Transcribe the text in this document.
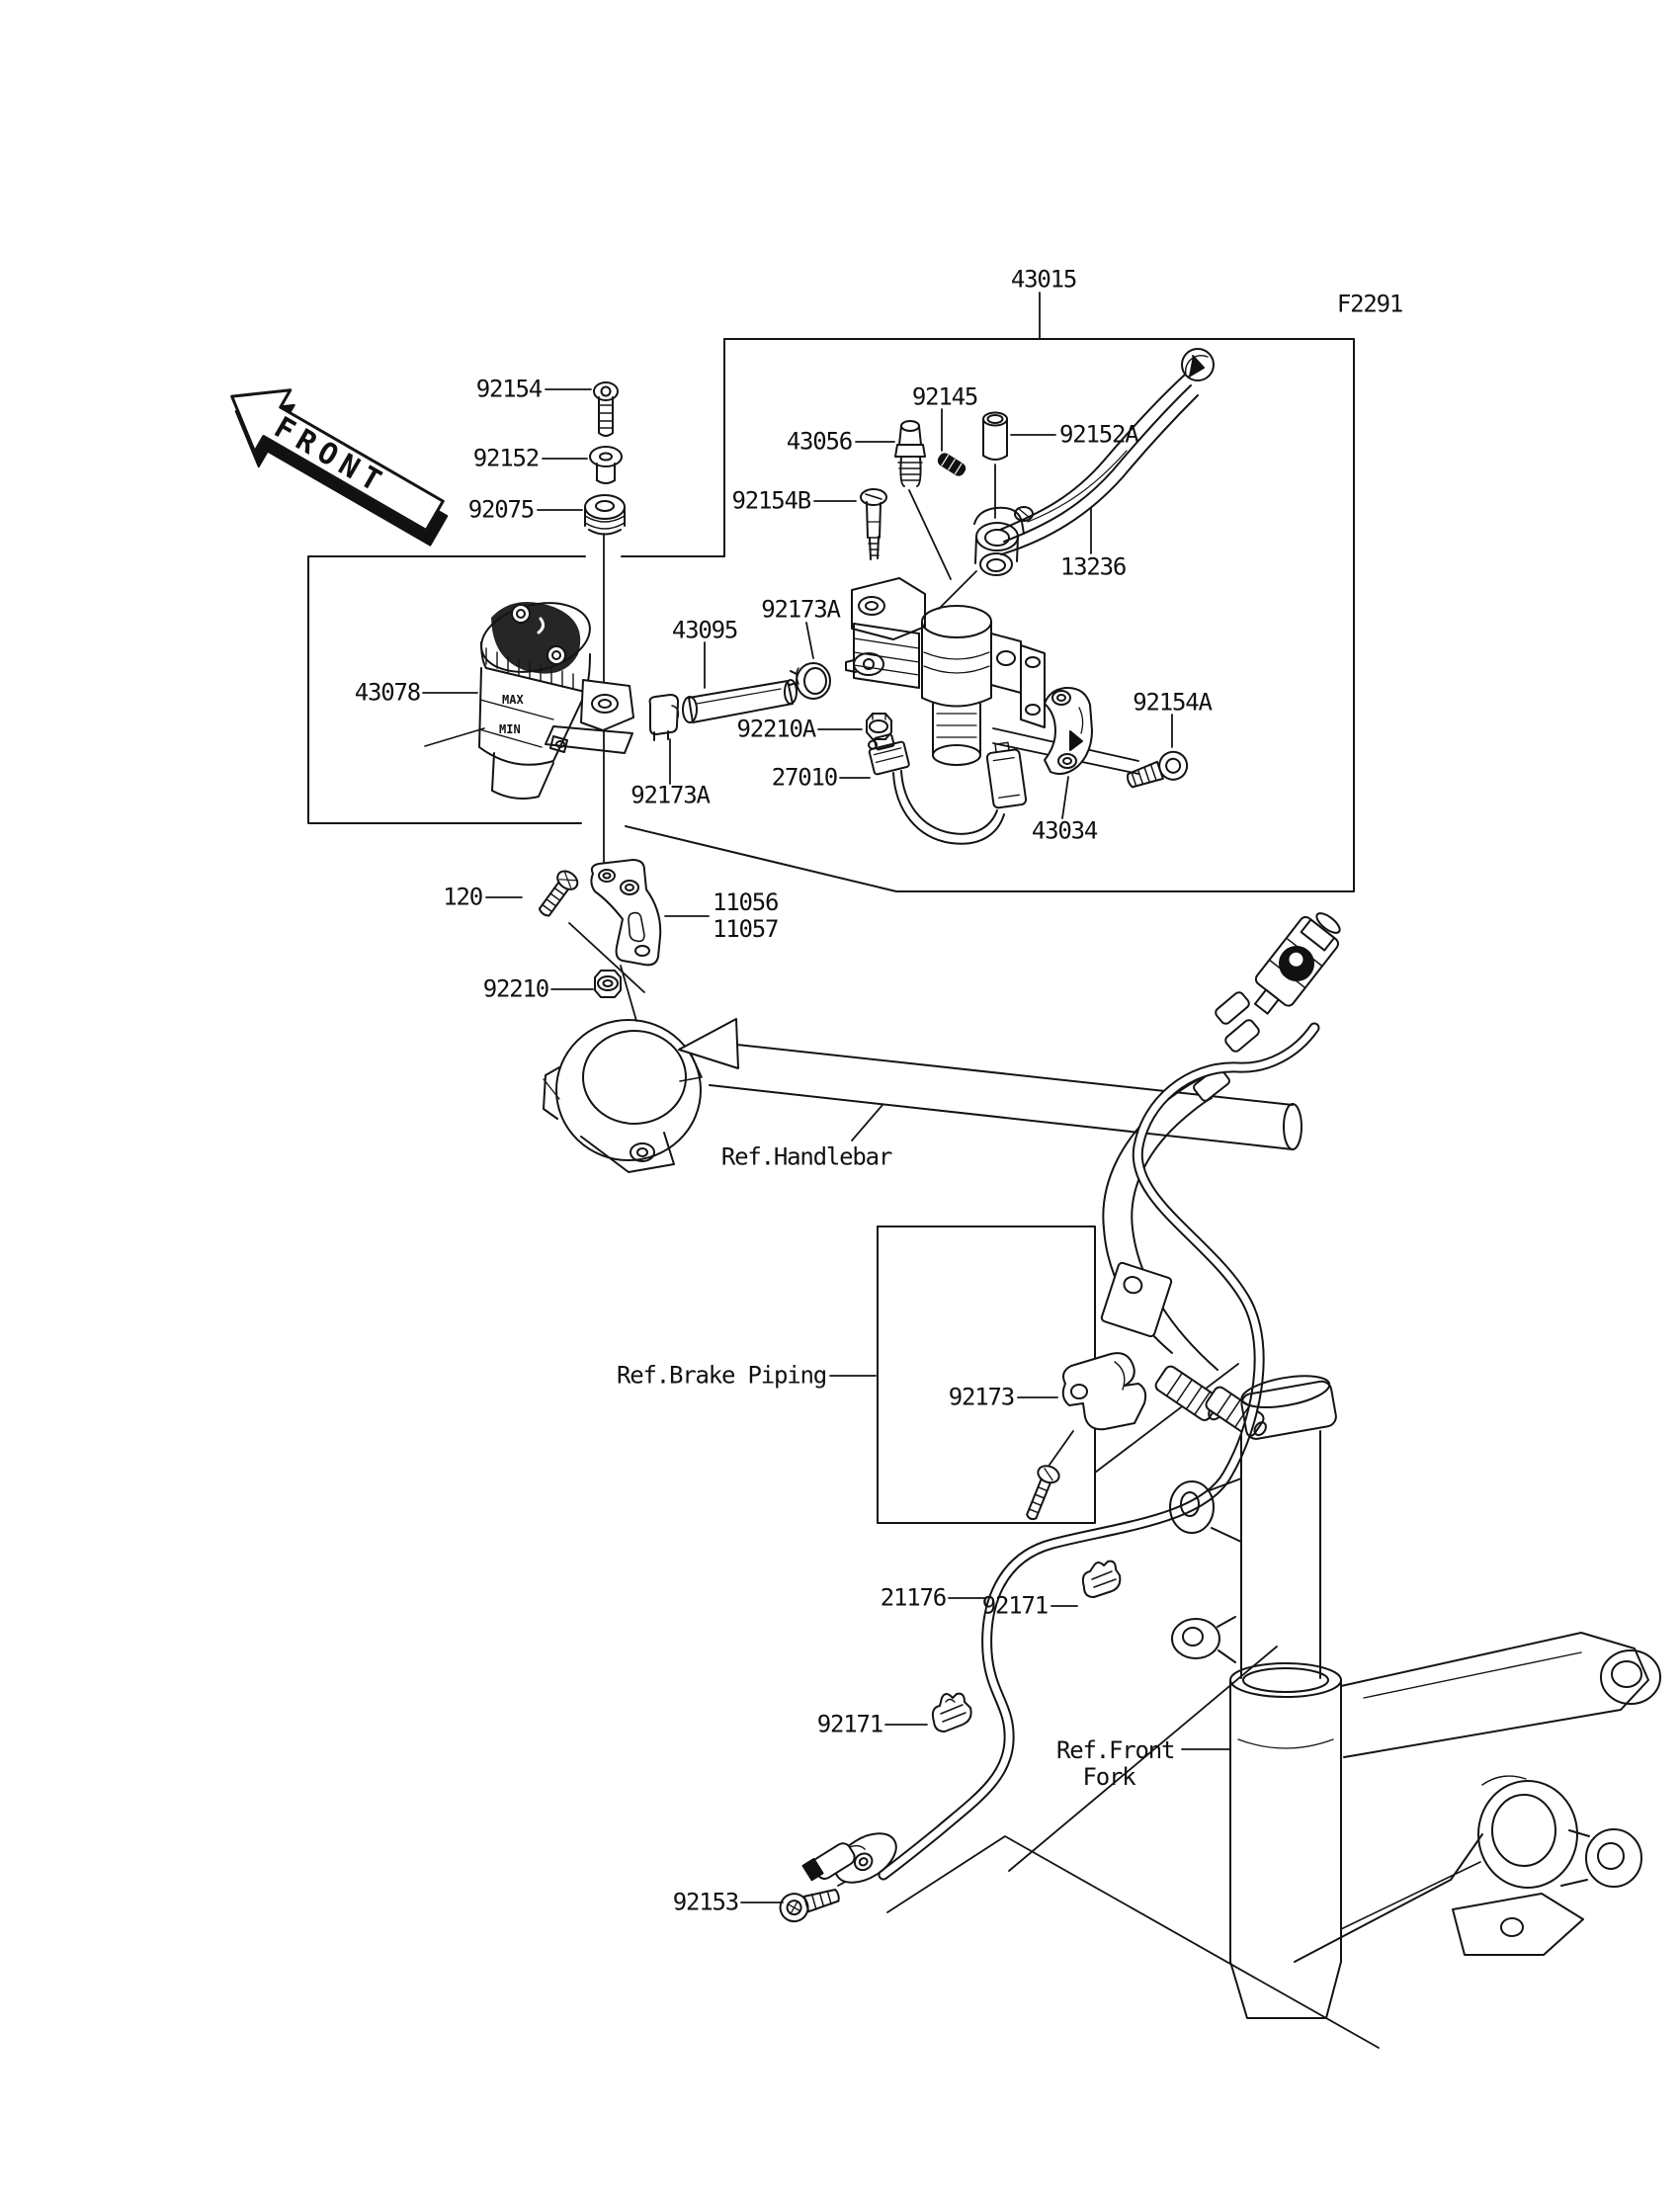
FRONT
MAX
MIN
92154
92152
92075
43015
F2291
43056
92145
92152A
92154B
13236
92173A
43095
43078
92210A
27010
92173A
92154A
43034
120	11056
11057
92210
92173
92171
21176
92171
92153
Ref.Handlebar
Ref.Brake Piping
Ref.Front
Fork
